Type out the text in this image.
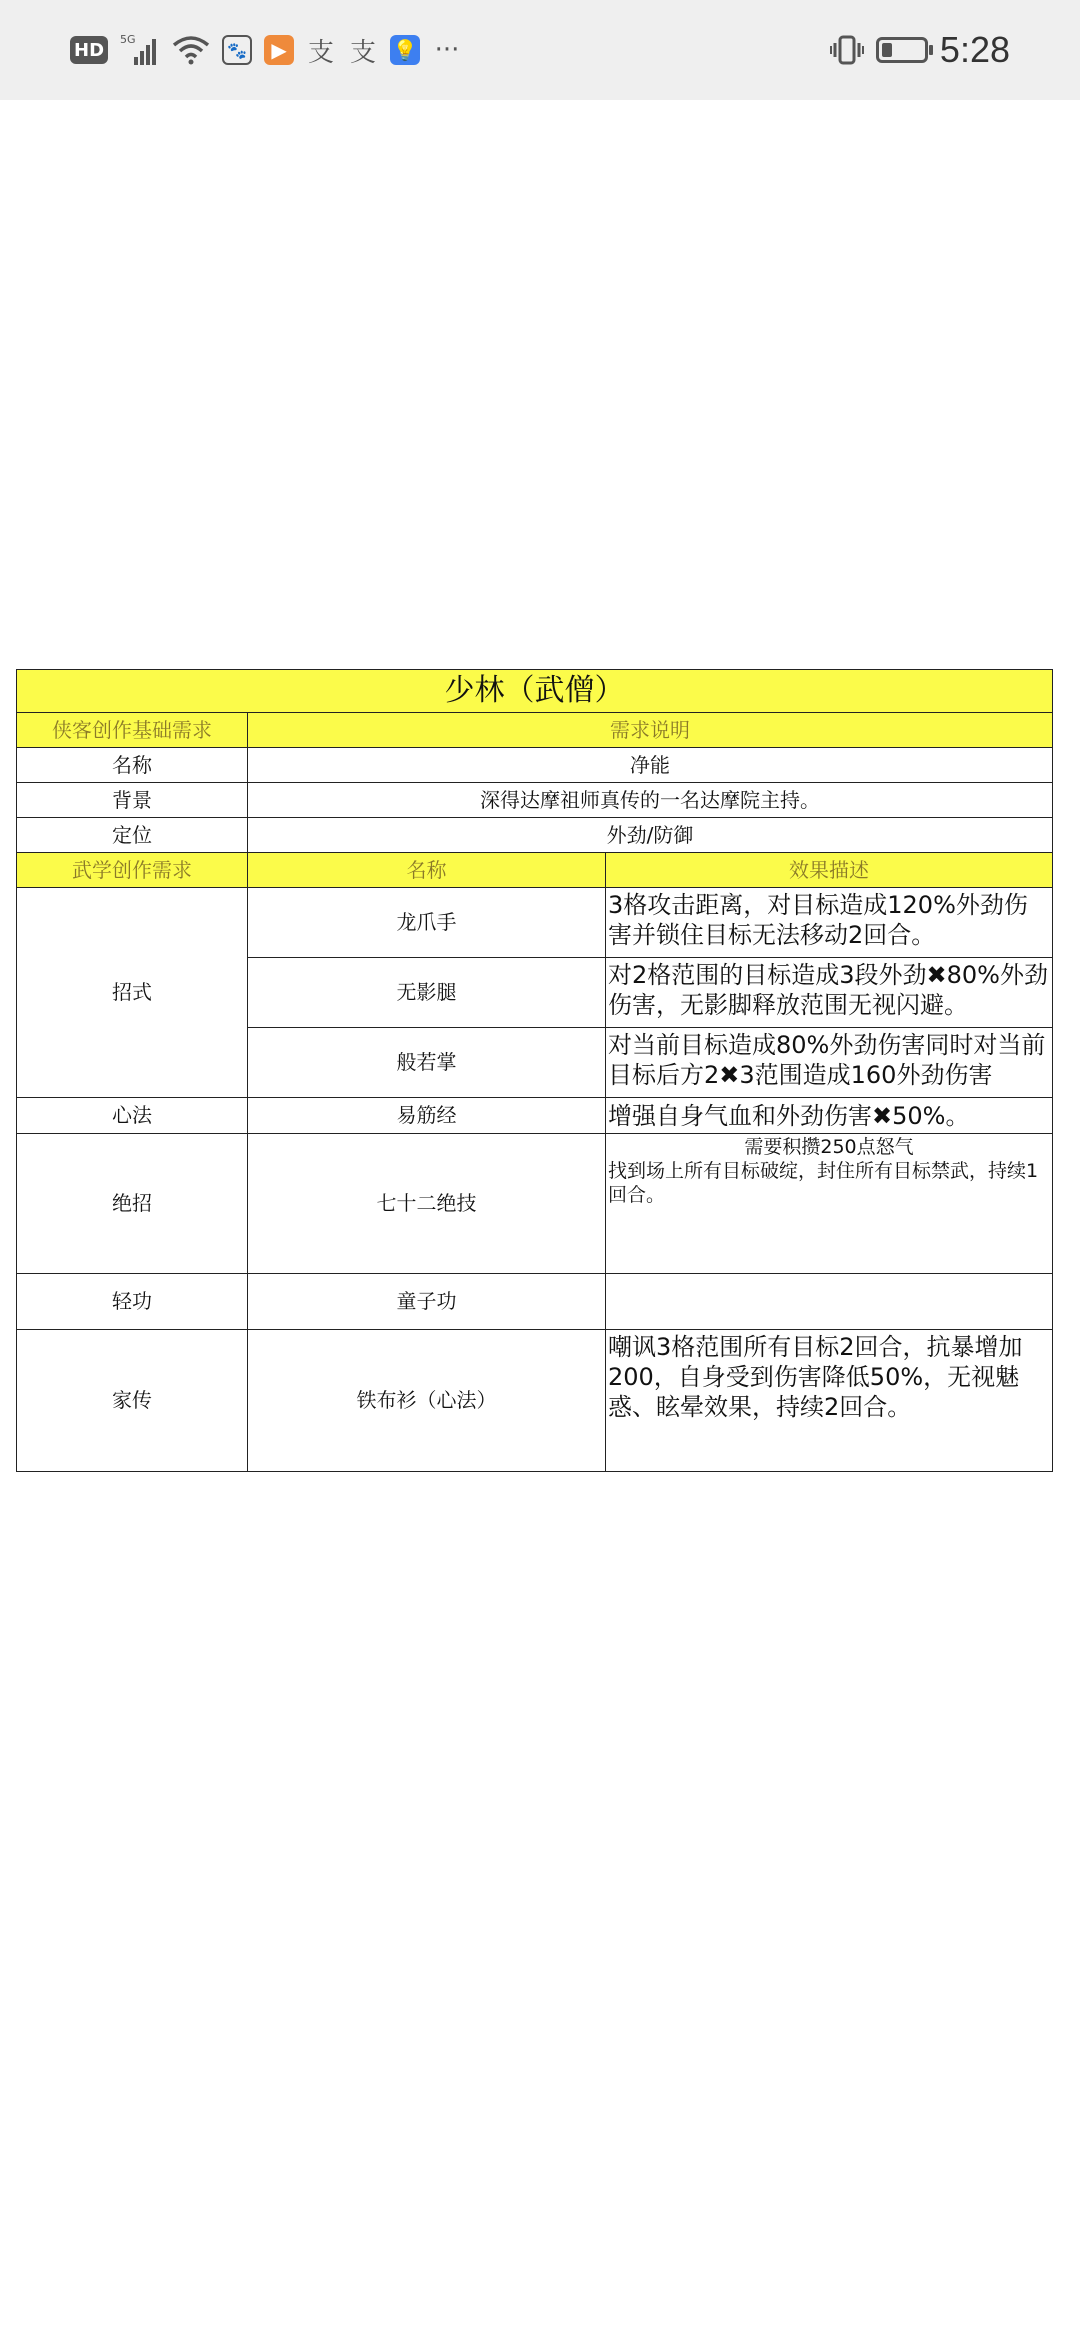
HD	5G
🐾	▶ 支 支 💡 ···	5:28
少林（武僧）		
侠客创作基础需求	需求说明	
名称	净能	
背景	深得达摩祖师真传的一名达摩院主持。	
定位	外劲/防御	
武学创作需求	名称	效果描述
招式	龙爪手	3格攻击距离，对目标造成120%外劲伤害并锁住目标无法移动2回合。
	无影腿	对2格范围的目标造成3段外劲✖80%外劲伤害，无影脚释放范围无视闪避。
	般若掌	对当前目标造成80%外劲伤害同时对当前目标后方2✖3范围造成160外劲伤害
心法	易筋经	增强自身气血和外劲伤害✖50%。
绝招	七十二绝技	需要积攒250点怒气
找到场上所有目标破绽，封住所有目标禁武，持续1回合。
轻功	童子功	
家传	铁布衫（心法）	嘲讽3格范围所有目标2回合，抗暴增加200，自身受到伤害降低50%，无视魅惑、眩晕效果，持续2回合。
